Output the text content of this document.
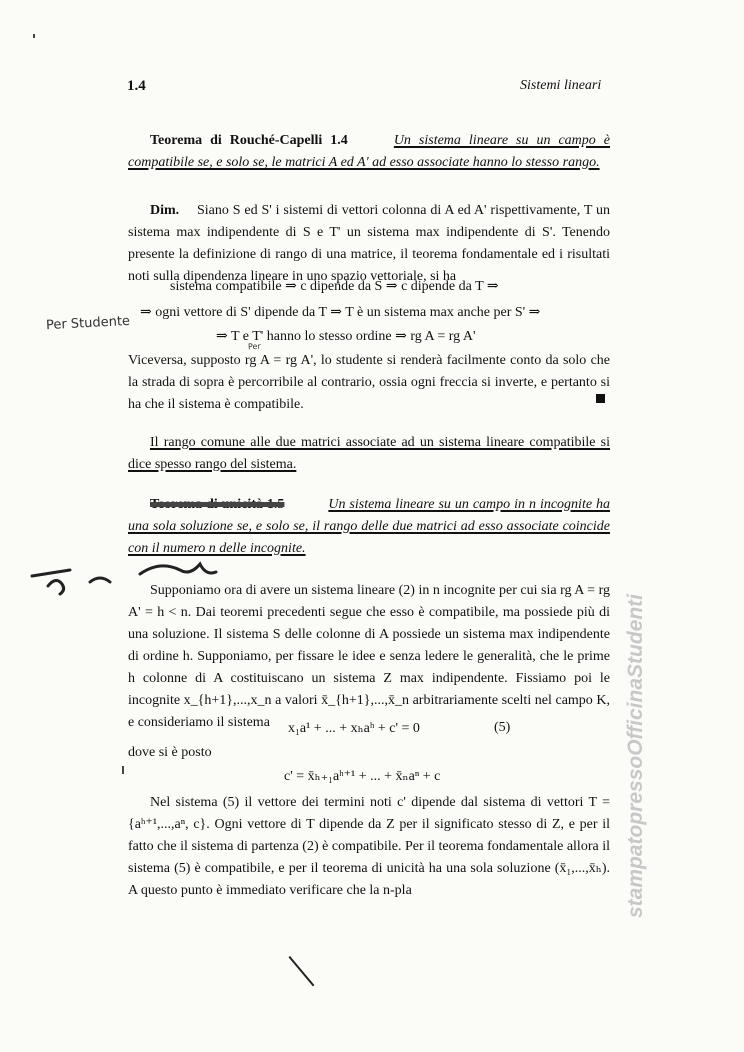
1.4	Sistemi lineari
Teorema di Rouché-Capelli 1.4	Un sistema lineare su un campo è compatibile se, e solo se, le matrici A ed A' ad esso associate hanno lo stesso rango.
Dim. Siano S ed S' i sistemi di vettori colonna di A ed A' rispettivamente, T un sistema max indipendente di S e T' un sistema max indipendente di S'. Tenendo presente la definizione di rango di una matrice, il teorema fondamentale ed i risultati noti sulla dipendenza lineare in uno spazio vettoriale, si ha
sistema compatibile ⇒ c dipende da S ⇒ c dipende da T ⇒
⇒ ogni vettore di S' dipende da T ⇒ T è un sistema max anche per S' ⇒
⇒ T e T' hanno lo stesso ordine ⇒ rg A = rg A'
Per Studente
Per
Viceversa, supposto rg A = rg A', lo studente si renderà facilmente conto da solo che la strada di sopra è percorribile al contrario, ossia ogni freccia si inverte, e pertanto si ha che il sistema è compatibile.
Il rango comune alle due matrici associate ad un sistema lineare compatibile si dice spesso rango del sistema.
Teorema di unicità 1.5	Un sistema lineare su un campo in n incognite ha una sola soluzione se, e solo se, il rango delle due matrici ad esso associate coincide con il numero n delle incognite.
Supponiamo ora di avere un sistema lineare (2) in n incognite per cui sia rg A = rg A' = h < n. Dai teoremi precedenti segue che esso è compatibile, ma possiede più di una soluzione. Il sistema S delle colonne di A possiede un sistema max indipendente di ordine h. Supponiamo, per fissare le idee e senza ledere le generalità, che le prime h colonne di A costituiscano un sistema Z max indipendente. Fissiamo poi le incognite x_{h+1},...,x_n a valori x̄_{h+1},...,x̄_n arbitrariamente scelti nel campo K, e consideriamo il sistema	x₁a¹ + ... + xₕaʰ + c' = 0	(5)
dove si è posto
c' = x̄ₕ₊₁aʰ⁺¹ + ... + x̄ₙaⁿ + c
Nel sistema (5) il vettore dei termini noti c' dipende dal sistema di vettori T = {aʰ⁺¹,...,aⁿ, c}. Ogni vettore di T dipende da Z per il significato stesso di Z, e per il fatto che il sistema di partenza (2) è compatibile. Per il teorema fondamentale allora il sistema (5) è compatibile, e per il teorema di unicità ha una sola soluzione (x̄₁,...,x̄ₕ). A questo punto è immediato verificare che la n-pla	stampatopressoOfficinaStudenti
